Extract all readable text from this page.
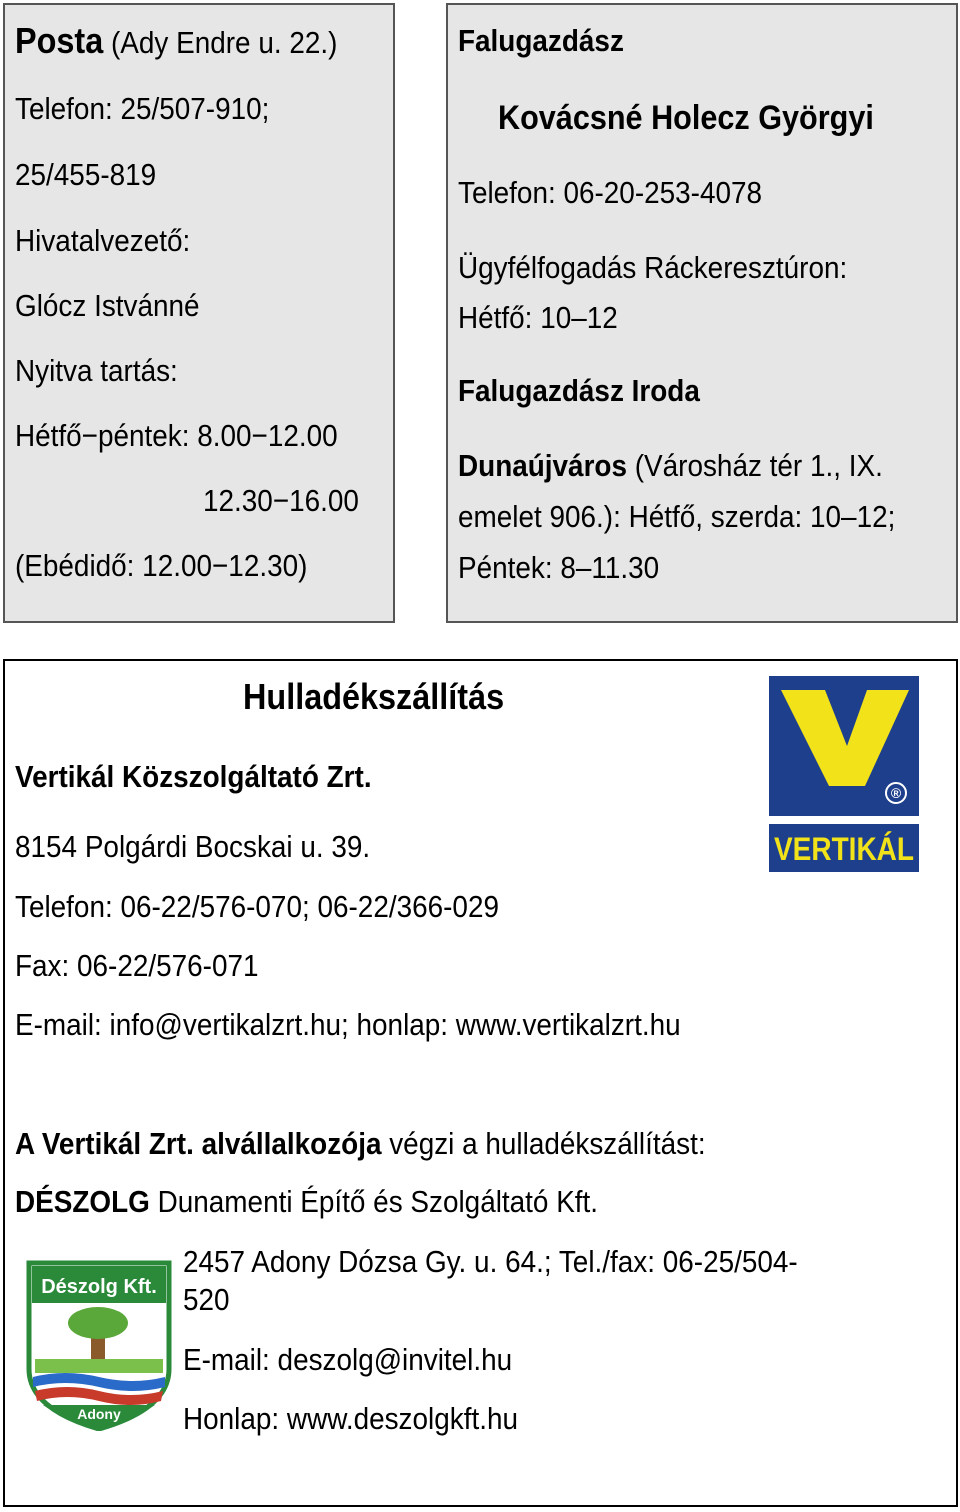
Posta (Ady Endre u. 22.)
Telefon: 25/507-910;
25/455-819
Hivatalvezető:
Glócz Istvánné
Nyitva tartás:
Hétfő−péntek: 8.00−12.00
12.30−16.00
(Ebédidő: 12.00−12.30)
Falugazdász
Kovácsné Holecz Györgyi
Telefon: 06-20-253-4078
Ügyfélfogadás Ráckeresztúron:
Hétfő: 10–12
Falugazdász Iroda
Dunaújváros (Városház tér 1., IX.
emelet 906.): Hétfő, szerda: 10–12;
Péntek: 8–11.30
Hulladékszállítás
Vertikál Közszolgáltató Zrt.
8154 Polgárdi Bocskai u. 39.
Telefon: 06-22/576-070; 06-22/366-029
Fax: 06-22/576-071
E-mail: info@vertikalzrt.hu; honlap: www.vertikalzrt.hu
A Vertikál Zrt. alvállalkozója végzi a hulladékszállítást:
DÉSZOLG Dunamenti Építő és Szolgáltató Kft.
2457 Adony Dózsa Gy. u. 64.; Tel./fax: 06-25/504-
520
E-mail: deszolg@invitel.hu
Honlap: www.deszolgkft.hu
®
VERTIKÁL
Dészolg Kft.
Adony
